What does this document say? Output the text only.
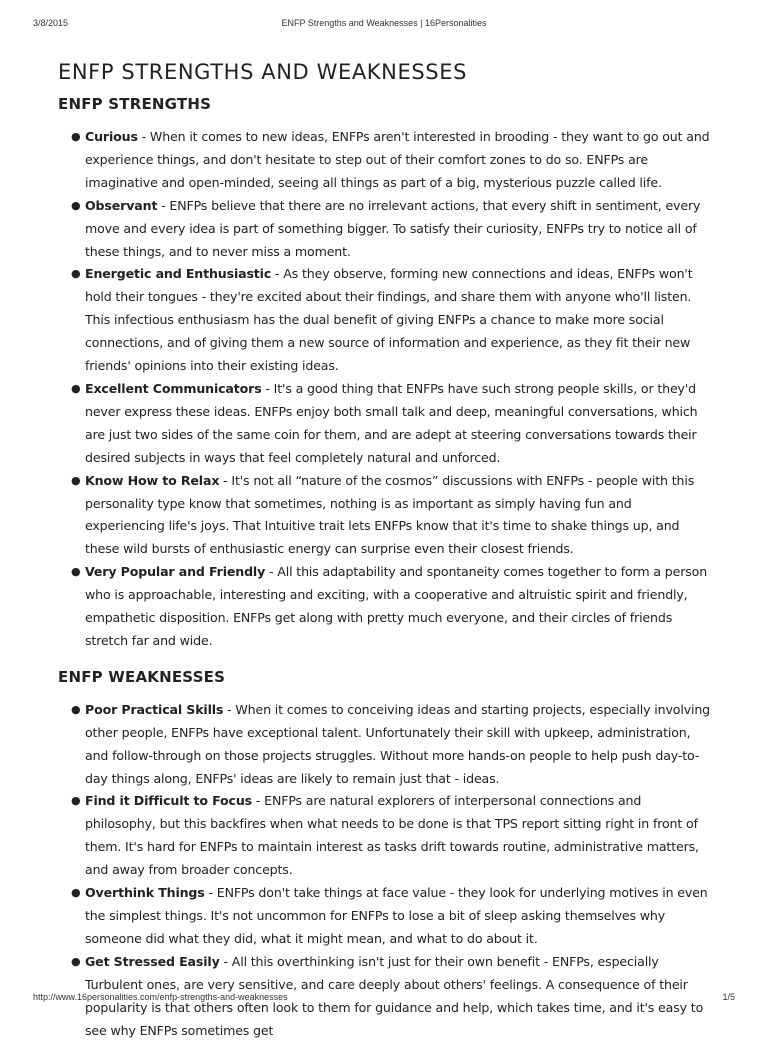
3/8/2015	ENFP Strengths and Weaknesses | 16Personalities
ENFP STRENGTHS AND WEAKNESSES
ENFP STRENGTHS
● Curious - When it comes to new ideas, ENFPs aren't interested in brooding - they want to go out and experience things, and don't hesitate to step out of their comfort zones to do so. ENFPs are imaginative and open-minded, seeing all things as part of a big, mysterious puzzle called life.
● Observant - ENFPs believe that there are no irrelevant actions, that every shift in sentiment, every move and every idea is part of something bigger. To satisfy their curiosity, ENFPs try to notice all of these things, and to never miss a moment.
● Energetic and Enthusiastic - As they observe, forming new connections and ideas, ENFPs won't hold their tongues - they're excited about their findings, and share them with anyone who'll listen. This infectious enthusiasm has the dual benefit of giving ENFPs a chance to make more social connections, and of giving them a new source of information and experience, as they fit their new friends' opinions into their existing ideas.
● Excellent Communicators - It's a good thing that ENFPs have such strong people skills, or they'd never express these ideas. ENFPs enjoy both small talk and deep, meaningful conversations, which are just two sides of the same coin for them, and are adept at steering conversations towards their desired subjects in ways that feel completely natural and unforced.
● Know How to Relax - It's not all “nature of the cosmos” discussions with ENFPs - people with this personality type know that sometimes, nothing is as important as simply having fun and experiencing life's joys. That Intuitive trait lets ENFPs know that it's time to shake things up, and these wild bursts of enthusiastic energy can surprise even their closest friends.
● Very Popular and Friendly - All this adaptability and spontaneity comes together to form a person who is approachable, interesting and exciting, with a cooperative and altruistic spirit and friendly, empathetic disposition. ENFPs get along with pretty much everyone, and their circles of friends stretch far and wide.
ENFP WEAKNESSES
● Poor Practical Skills - When it comes to conceiving ideas and starting projects, especially involving other people, ENFPs have exceptional talent. Unfortunately their skill with upkeep, administration, and follow-through on those projects struggles. Without more hands-on people to help push day-to-day things along, ENFPs' ideas are likely to remain just that - ideas.
● Find it Difficult to Focus - ENFPs are natural explorers of interpersonal connections and philosophy, but this backfires when what needs to be done is that TPS report sitting right in front of them. It's hard for ENFPs to maintain interest as tasks drift towards routine, administrative matters, and away from broader concepts.
● Overthink Things - ENFPs don't take things at face value - they look for underlying motives in even the simplest things. It's not uncommon for ENFPs to lose a bit of sleep asking themselves why someone did what they did, what it might mean, and what to do about it.
● Get Stressed Easily - All this overthinking isn't just for their own benefit - ENFPs, especially Turbulent ones, are very sensitive, and care deeply about others' feelings. A consequence of their popularity is that others often look to them for guidance and help, which takes time, and it's easy to see why ENFPs sometimes get
http://www.16personalities.com/enfp-strengths-and-weaknesses	1/5
